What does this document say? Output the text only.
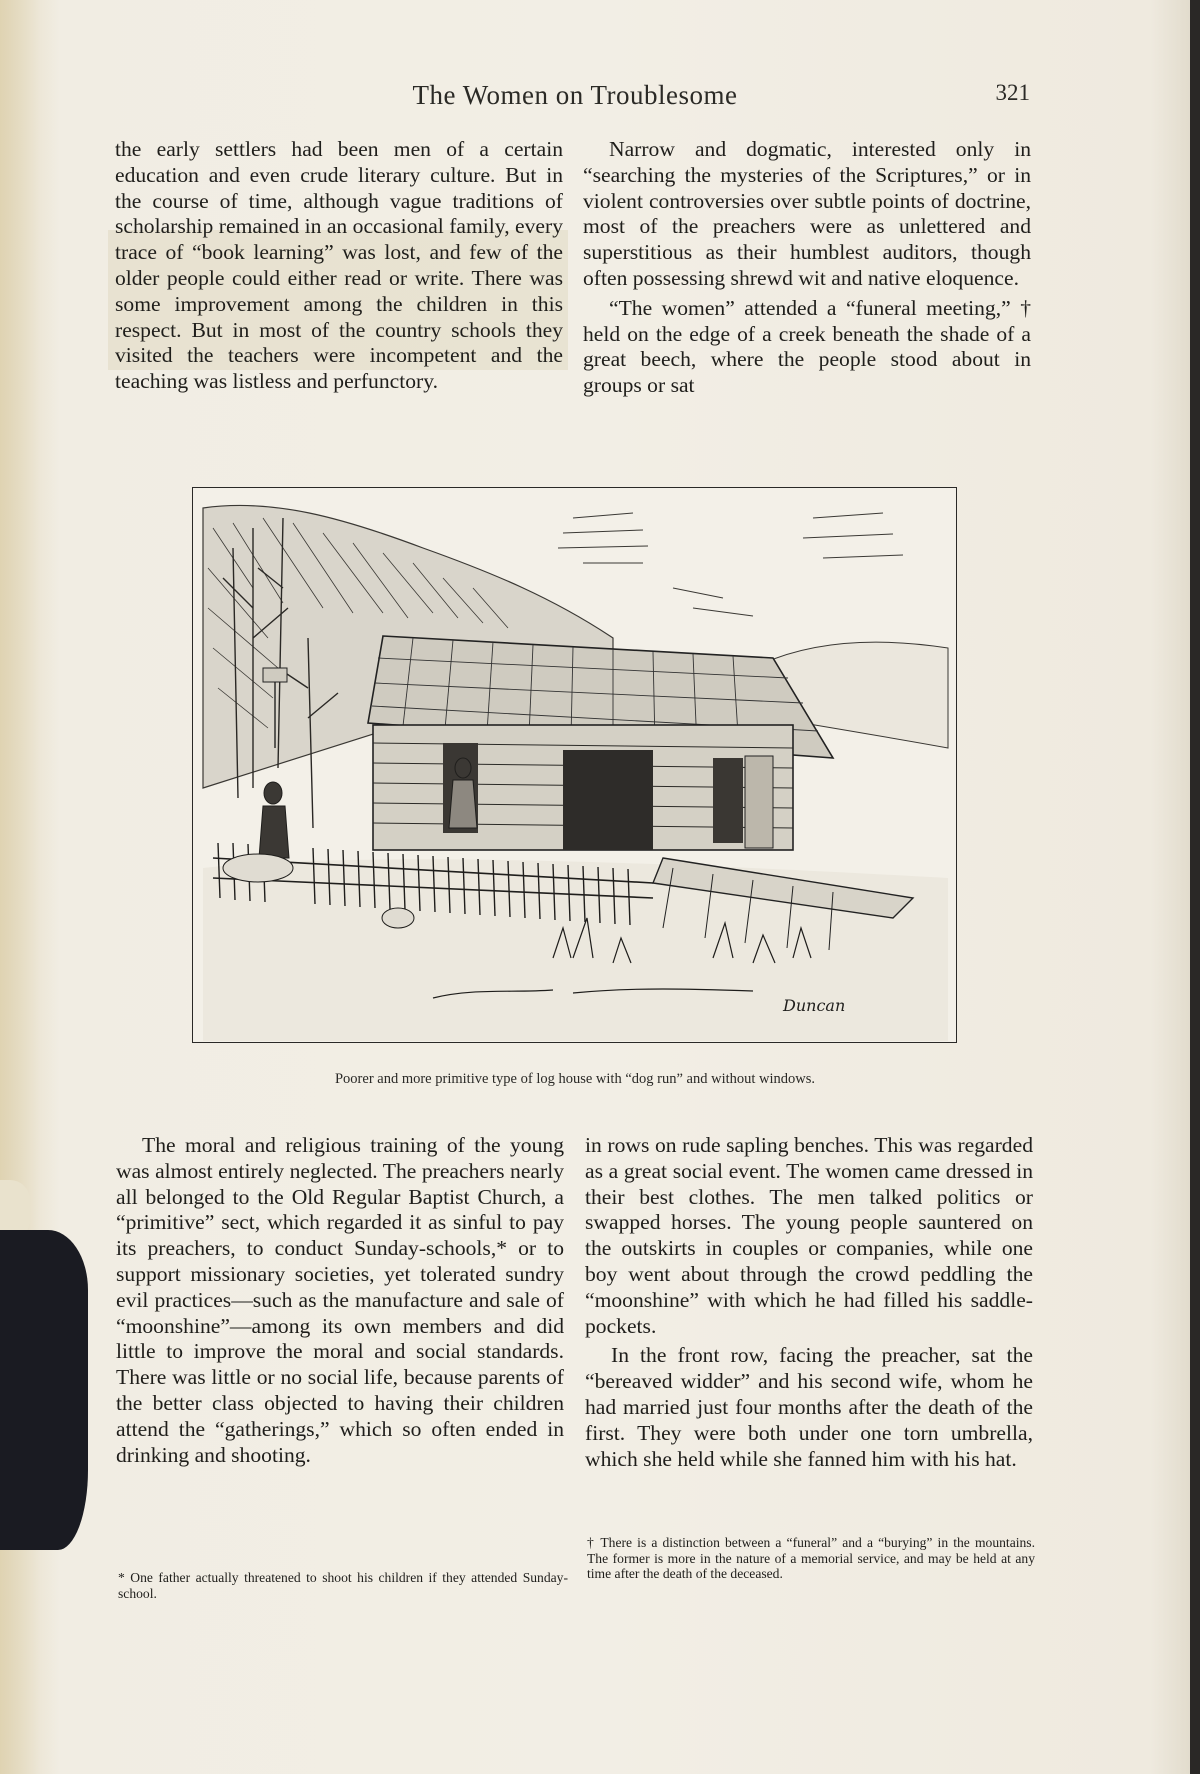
The Women on Troublesome	321

the early settlers had been men of a certain education and even crude literary culture. But in the course of time, although vague traditions of scholarship remained in an occasional family, every trace of “book learning” was lost, and few of the older people could either read or write. There was some improvement among the children in this respect. But in most of the country schools they visited the teachers were incompetent and the teaching was listless and perfunctory.

Narrow and dogmatic, interested only in “searching the mysteries of the Scriptures,” or in violent controversies over subtle points of doctrine, most of the preachers were as unlettered and superstitious as their humblest auditors, though often possessing shrewd wit and native eloquence.

“The women” attended a “funeral meeting,” † held on the edge of a creek beneath the shade of a great beech, where the people stood about in groups or sat

Duncan
Poorer and more primitive type of log house with “dog run” and without windows.

The moral and religious training of the young was almost entirely neglected. The preachers nearly all belonged to the Old Regular Baptist Church, a “primitive” sect, which regarded it as sinful to pay its preachers, to conduct Sunday-schools,* or to support missionary societies, yet tolerated sundry evil practices—such as the manufacture and sale of “moonshine”—among its own members and did little to improve the moral and social standards. There was little or no social life, because parents of the better class objected to having their children attend the “gatherings,” which so often ended in drinking and shooting.

in rows on rude sapling benches. This was regarded as a great social event. The women came dressed in their best clothes. The men talked politics or swapped horses. The young people sauntered on the outskirts in couples or companies, while one boy went about through the crowd peddling the “moonshine” with which he had filled his saddle-pockets.

In the front row, facing the preacher, sat the “bereaved widder” and his second wife, whom he had married just four months after the death of the first. They were both under one torn umbrella, which she held while she fanned him with his hat.

* One father actually threatened to shoot his children if they attended Sunday-school.
† There is a distinction between a “funeral” and a “burying” in the mountains. The former is more in the nature of a memorial service, and may be held at any time after the death of the deceased.
